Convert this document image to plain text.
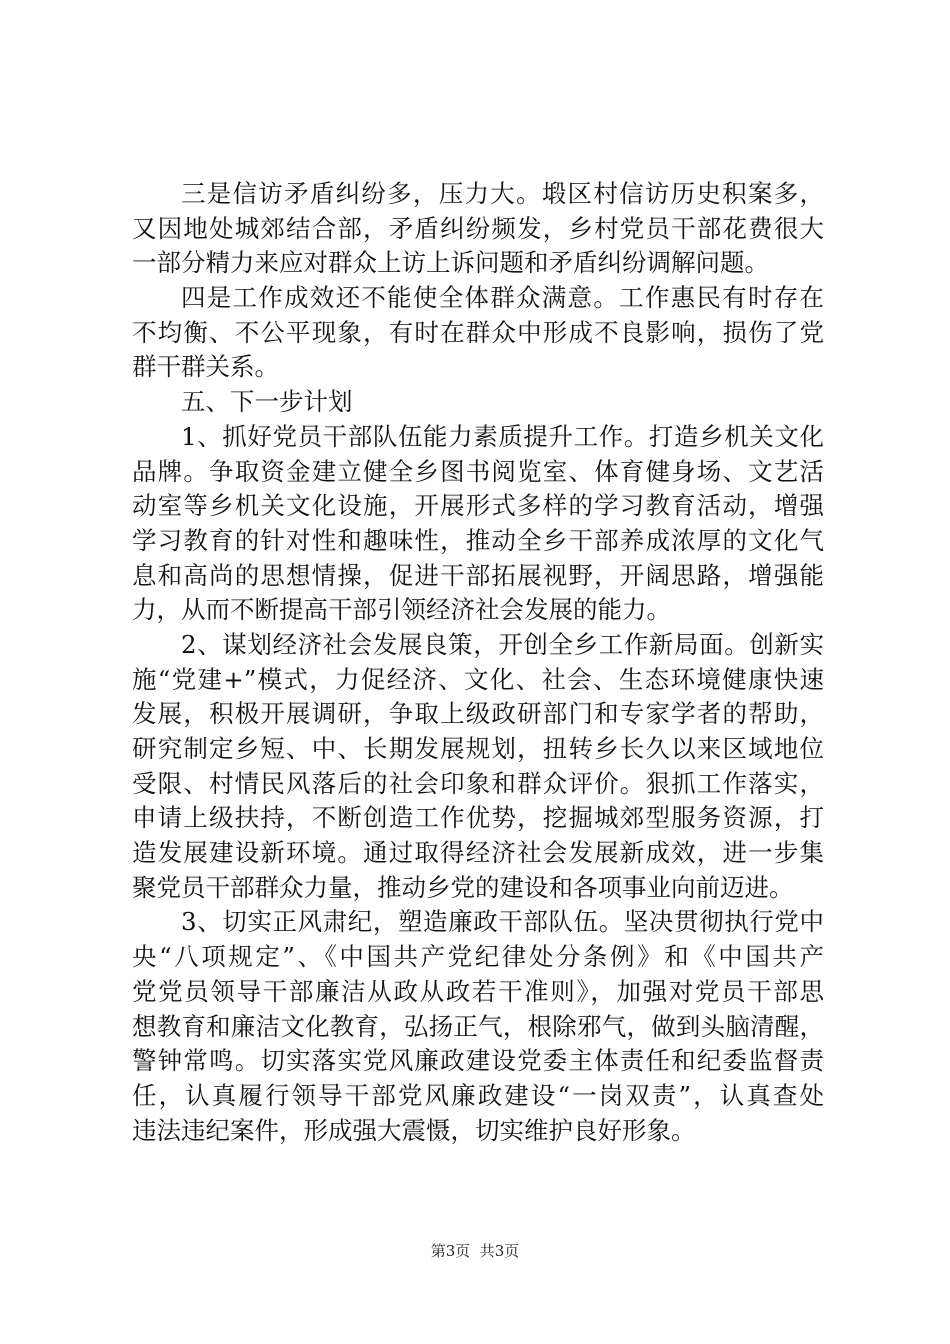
三是信访矛盾纠纷多，压力大。塅区村信访历史积案多，
又因地处城郊结合部，矛盾纠纷频发，乡村党员干部花费很大
一部分精力来应对群众上访上诉问题和矛盾纠纷调解问题。
四是工作成效还不能使全体群众满意。工作惠民有时存在
不均衡、不公平现象，有时在群众中形成不良影响，损伤了党
群干群关系。
五、下一步计划
1、抓好党员干部队伍能力素质提升工作。打造乡机关文化
品牌。争取资金建立健全乡图书阅览室、体育健身场、文艺活
动室等乡机关文化设施，开展形式多样的学习教育活动，增强
学习教育的针对性和趣味性，推动全乡干部养成浓厚的文化气
息和高尚的思想情操，促进干部拓展视野，开阔思路，增强能
力，从而不断提高干部引领经济社会发展的能力。
2、谋划经济社会发展良策，开创全乡工作新局面。创新实
施“党建+”模式，力促经济、文化、社会、生态环境健康快速
发展，积极开展调研，争取上级政研部门和专家学者的帮助，
研究制定乡短、中、长期发展规划，扭转乡长久以来区域地位
受限、村情民风落后的社会印象和群众评价。狠抓工作落实，
申请上级扶持，不断创造工作优势，挖掘城郊型服务资源，打
造发展建设新环境。通过取得经济社会发展新成效，进一步集
聚党员干部群众力量，推动乡党的建设和各项事业向前迈进。
3、切实正风肃纪，塑造廉政干部队伍。坚决贯彻执行党中
央“八项规定”、《中国共产党纪律处分条例》和《中国共产
党党员领导干部廉洁从政从政若干准则》，加强对党员干部思
想教育和廉洁文化教育，弘扬正气，根除邪气，做到头脑清醒，
警钟常鸣。切实落实党风廉政建设党委主体责任和纪委监督责
任，认真履行领导干部党风廉政建设“一岗双责”，认真查处
违法违纪案件，形成强大震慑，切实维护良好形象。
第3页  共3页
